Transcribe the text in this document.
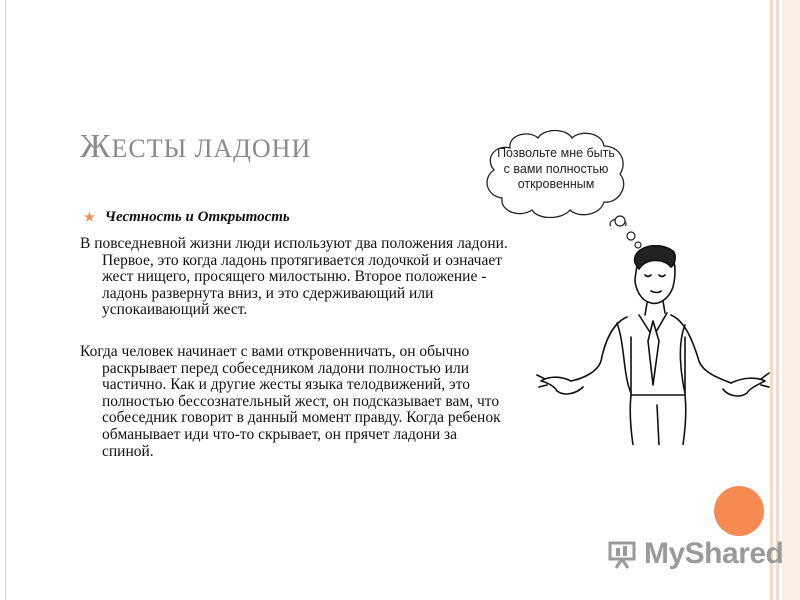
ЖЕСТЫ ЛАДОНИ
★ Честность и Открытость
В повседневной жизни люди используют два положения ладони. Первое, это когда ладонь протягивается лодочкой и означает жест нищего, просящего милостыню. Второе положение - ладонь развернута вниз, и это сдерживающий или успокаивающий жест.
Когда человек начинает с вами откровенничать, он обычно раскрывает перед собеседником ладони полностью или частично. Как и другие жесты языка телодвижений, это полностью бессознательный жест, он подсказывает вам, что собеседник говорит в данный момент правду. Когда ребенок обманывает иди что-то скрывает, он прячет ладони за спиной.
Позвольте мне быть с вами полностью откровенным
MyShared
